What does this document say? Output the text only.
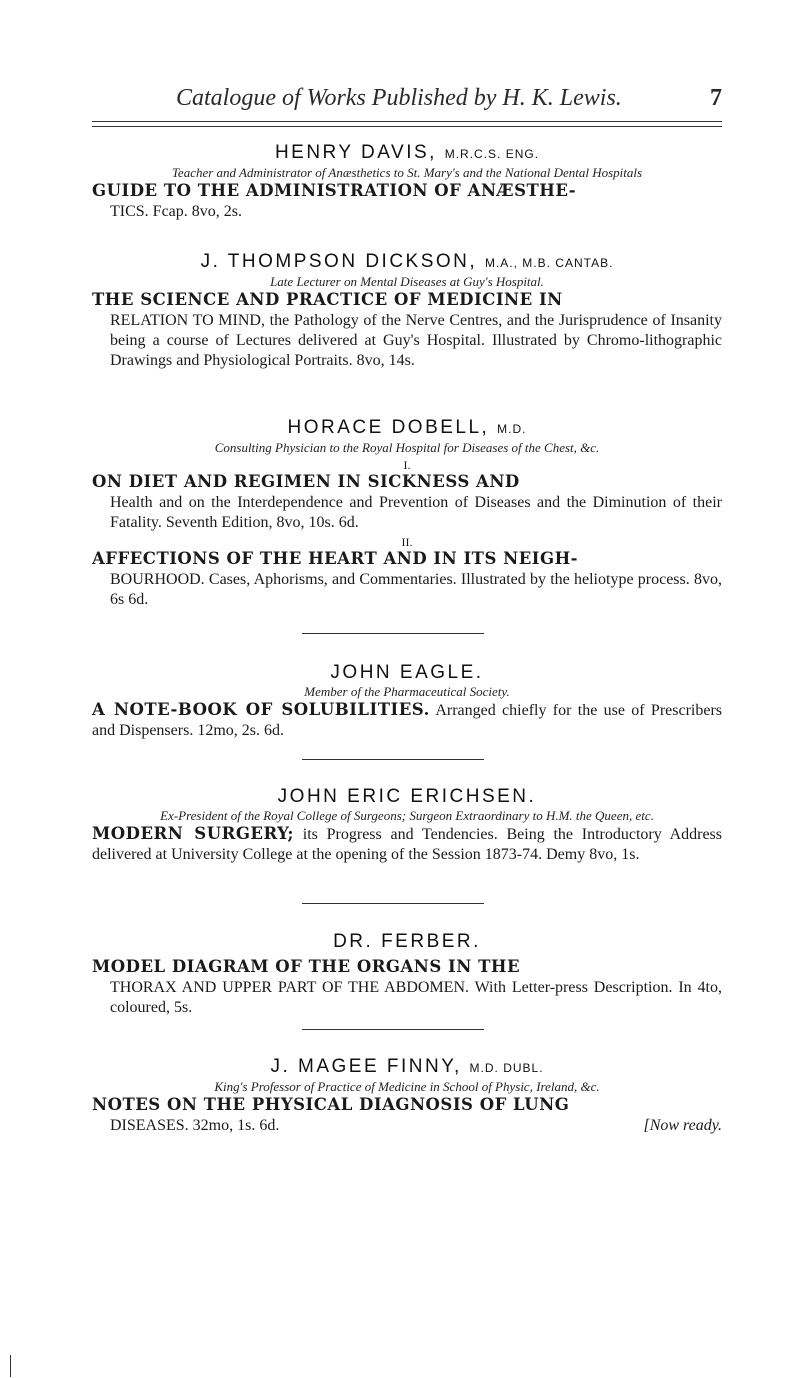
Catalogue of Works Published by H. K. Lewis.	7
HENRY DAVIS, M.R.C.S. ENG.
Teacher and Administrator of Anæsthetics to St. Mary's and the National Dental Hospitals
GUIDE TO THE ADMINISTRATION OF ANÆSTHE-
TICS. Fcap. 8vo, 2s.
J. THOMPSON DICKSON, M.A., M.B. CANTAB.
Late Lecturer on Mental Diseases at Guy's Hospital.
THE SCIENCE AND PRACTICE OF MEDICINE IN
RELATION TO MIND, the Pathology of the Nerve Centres, and the Jurisprudence of Insanity being a course of Lectures delivered at Guy's Hospital. Illustrated by Chromo-lithographic Drawings and Physiological Portraits. 8vo, 14s.
HORACE DOBELL, M.D.
Consulting Physician to the Royal Hospital for Diseases of the Chest, &c.
I.
ON DIET AND REGIMEN IN SICKNESS AND
Health and on the Interdependence and Prevention of Diseases and the Diminution of their Fatality. Seventh Edition, 8vo, 10s. 6d.
II.
AFFECTIONS OF THE HEART AND IN ITS NEIGH-
BOURHOOD. Cases, Aphorisms, and Commentaries. Illustrated by the heliotype process. 8vo, 6s 6d.
JOHN EAGLE.
Member of the Pharmaceutical Society.
A NOTE-BOOK OF SOLUBILITIES. Arranged chiefly for the use of Prescribers and Dispensers. 12mo, 2s. 6d.
JOHN ERIC ERICHSEN.
Ex-President of the Royal College of Surgeons; Surgeon Extraordinary to H.M. the Queen, etc.
MODERN SURGERY; its Progress and Tendencies. Being the Introductory Address delivered at University College at the opening of the Session 1873-74. Demy 8vo, 1s.
DR. FERBER.
MODEL DIAGRAM OF THE ORGANS IN THE
THORAX AND UPPER PART OF THE ABDOMEN. With Letter-press Description. In 4to, coloured, 5s.
J. MAGEE FINNY, M.D. DUBL.
King's Professor of Practice of Medicine in School of Physic, Ireland, &c.
NOTES ON THE PHYSICAL DIAGNOSIS OF LUNG
DISEASES. 32mo, 1s. 6d.	[Now ready.
